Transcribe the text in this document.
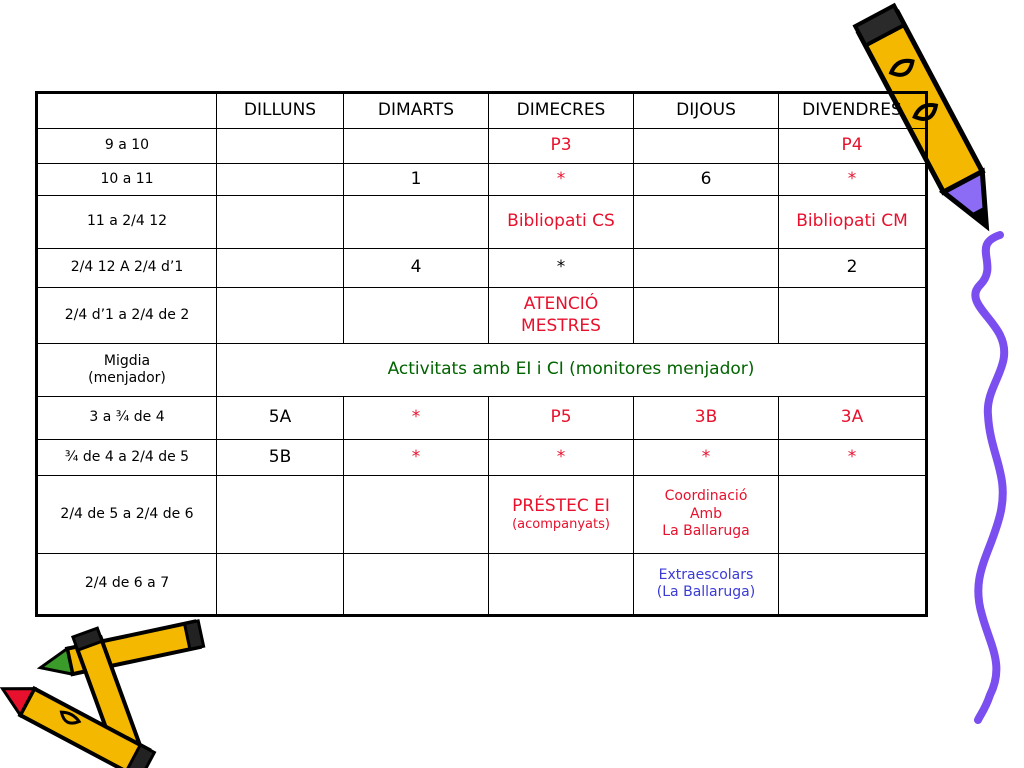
	DILLUNS	DIMARTS	DIMECRES	DIJOUS	DIVENDRES
9 a 10			P3		P4
10 a 11		1	*	6	*
11 a 2/4 12			Bibliopati CS		Bibliopati CM
2/4 12 A 2/4 d’1		4	*		2
2/4 d’1 a 2/4 de 2			ATENCIÓ MESTRES		

Migdia
(menjador)	Activitats amb EI i CI (monitores menjador)				
3 a ¾ de 4	5A	*	P5	3B	3A
¾ de 4 a 2/4 de 5	5B	*	*	*	*
2/4 de 5 a 2/4 de 6			PRÉSTEC EI
(acompanyats)	Coordinació
Amb
La Ballaruga	

2/4 de 6 a 7				Extraescolars
(La Ballaruga)	
